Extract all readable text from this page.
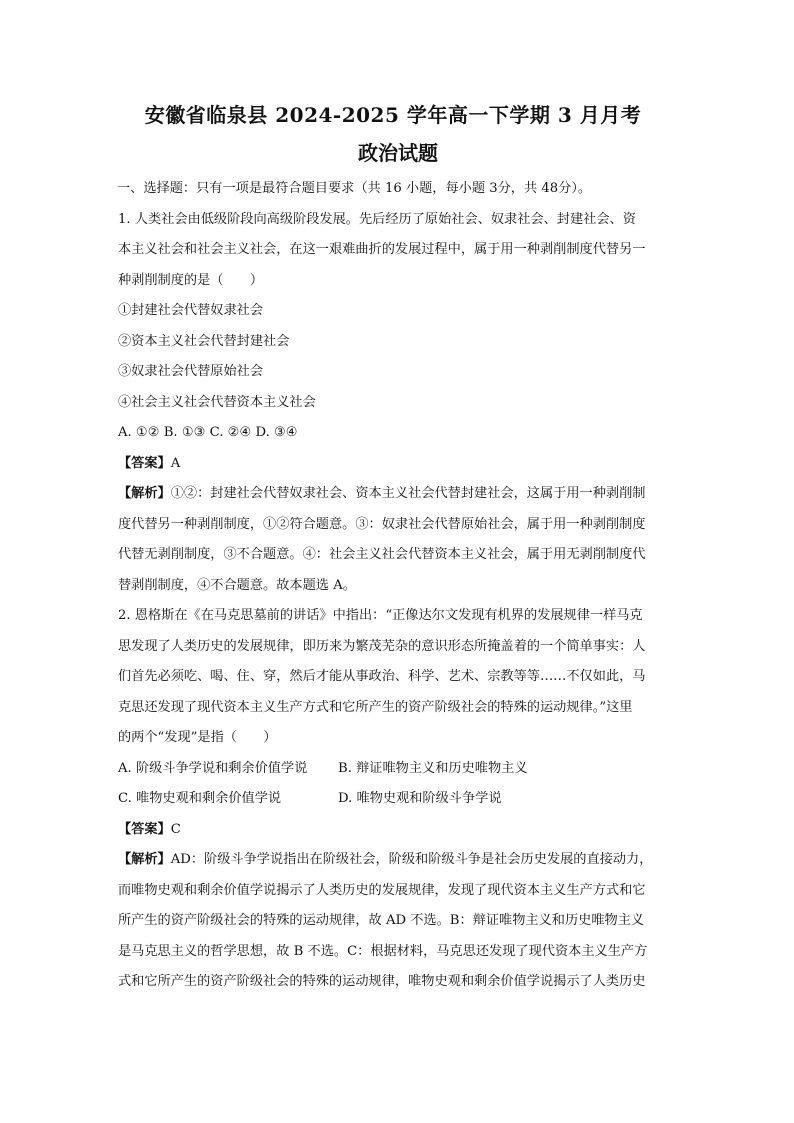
安徽省临泉县 2024-2025 学年高一下学期 3 月月考
政治试题

一、选择题：只有一项是最符合题目要求（共 16 小题，每小题 3分，共 48分）。

1. 人类社会由低级阶段向高级阶段发展。先后经历了原始社会、奴隶社会、封建社会、资

本主义社会和社会主义社会，在这一艰难曲折的发展过程中，属于用一种剥削制度代替另一

种剥削制度的是（　　）

①封建社会代替奴隶社会

②资本主义社会代替封建社会

③奴隶社会代替原始社会

④社会主义社会代替资本主义社会

A. ①② B. ①③ C. ②④ D. ③④

【答案】A

【解析】①②：封建社会代替奴隶社会、资本主义社会代替封建社会，这属于用一种剥削制

度代替另一种剥削制度，①②符合题意。③：奴隶社会代替原始社会，属于用一种剥削制度

代替无剥削制度，③不合题意。④：社会主义社会代替资本主义社会，属于用无剥削制度代

替剥削制度，④不合题意。故本题选 A。

2. 恩格斯在《在马克思墓前的讲话》中指出：“正像达尔文发现有机界的发展规律一样马克

思发现了人类历史的发展规律，即历来为繁茂芜杂的意识形态所掩盖着的一个简单事实：人

们首先必须吃、喝、住、穿，然后才能从事政治、科学、艺术、宗教等等……不仅如此，马

克思还发现了现代资本主义生产方式和它所产生的资产阶级社会的特殊的运动规律。”这里

的两个“发现”是指（　　）

A. 阶级斗争学说和剩余价值学说	B. 辩证唯物主义和历史唯物主义
C. 唯物史观和剩余价值学说	D. 唯物史观和阶级斗争学说

【答案】C

【解析】AD：阶级斗争学说指出在阶级社会，阶级和阶级斗争是社会历史发展的直接动力，

而唯物史观和剩余价值学说揭示了人类历史的发展规律，发现了现代资本主义生产方式和它

所产生的资产阶级社会的特殊的运动规律，故 AD 不选。B：辩证唯物主义和历史唯物主义

是马克思主义的哲学思想，故 B 不选。C：根据材料，马克思还发现了现代资本主义生产方

式和它所产生的资产阶级社会的特殊的运动规律，唯物史观和剩余价值学说揭示了人类历史
